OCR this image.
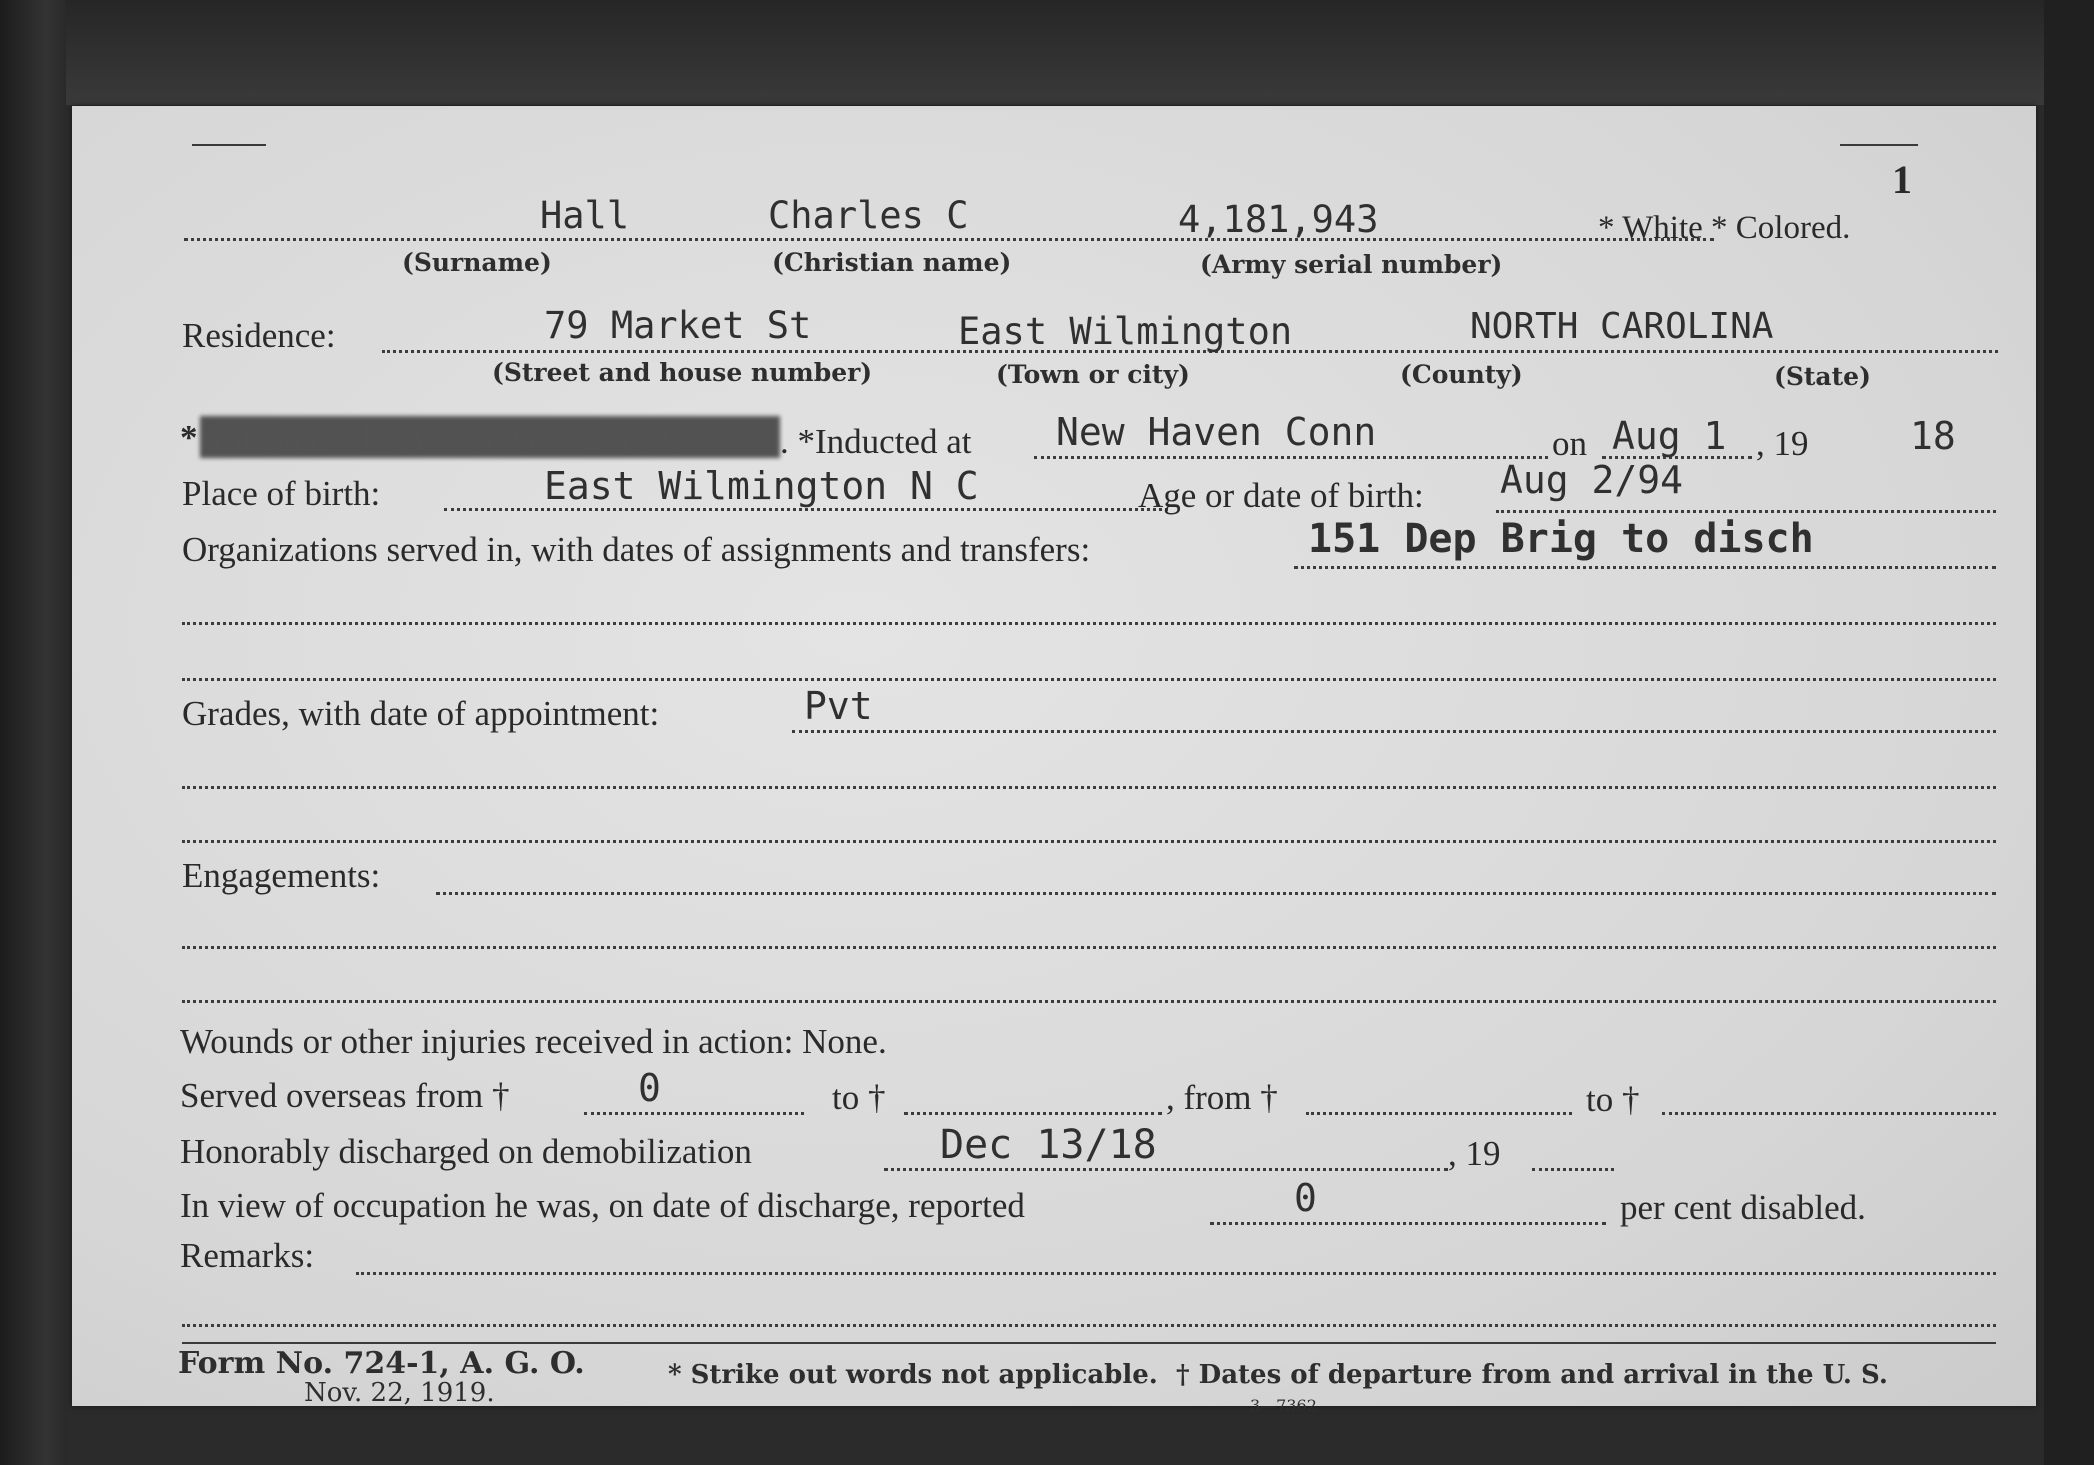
1
Hall	Charles C	4,181,943	* White * Colored.
(Surname)	(Christian name)	(Army serial number)
Residence:	79 Market St	East Wilmington	NORTH CAROLINA
(Street and house number)	(Town or city)	(County)	(State)
* Enlisted * R. A. * N. G. * E. R. C	. *Inducted at New Haven Conn	on Aug 1 , 19	18
Place of birth:	East Wilmington N C	Age or date of birth: Aug 2/94
Organizations served in, with dates of assignments and transfers:	151 Dep Brig to disch
Grades, with date of appointment:	Pvt
Engagements:
Wounds or other injuries received in action: None.
Served overseas from †	0	to †	, from †	to †
Honorably discharged on demobilization	Dec 13/18	, 19
In view of occupation he was, on date of discharge, reported	0	per cent disabled.
Remarks:
Form No. 724-1, A. G. O.
Nov. 22, 1919.
* Strike out words not applicable. † Dates of departure from and arrival in the U. S.
3—7362
